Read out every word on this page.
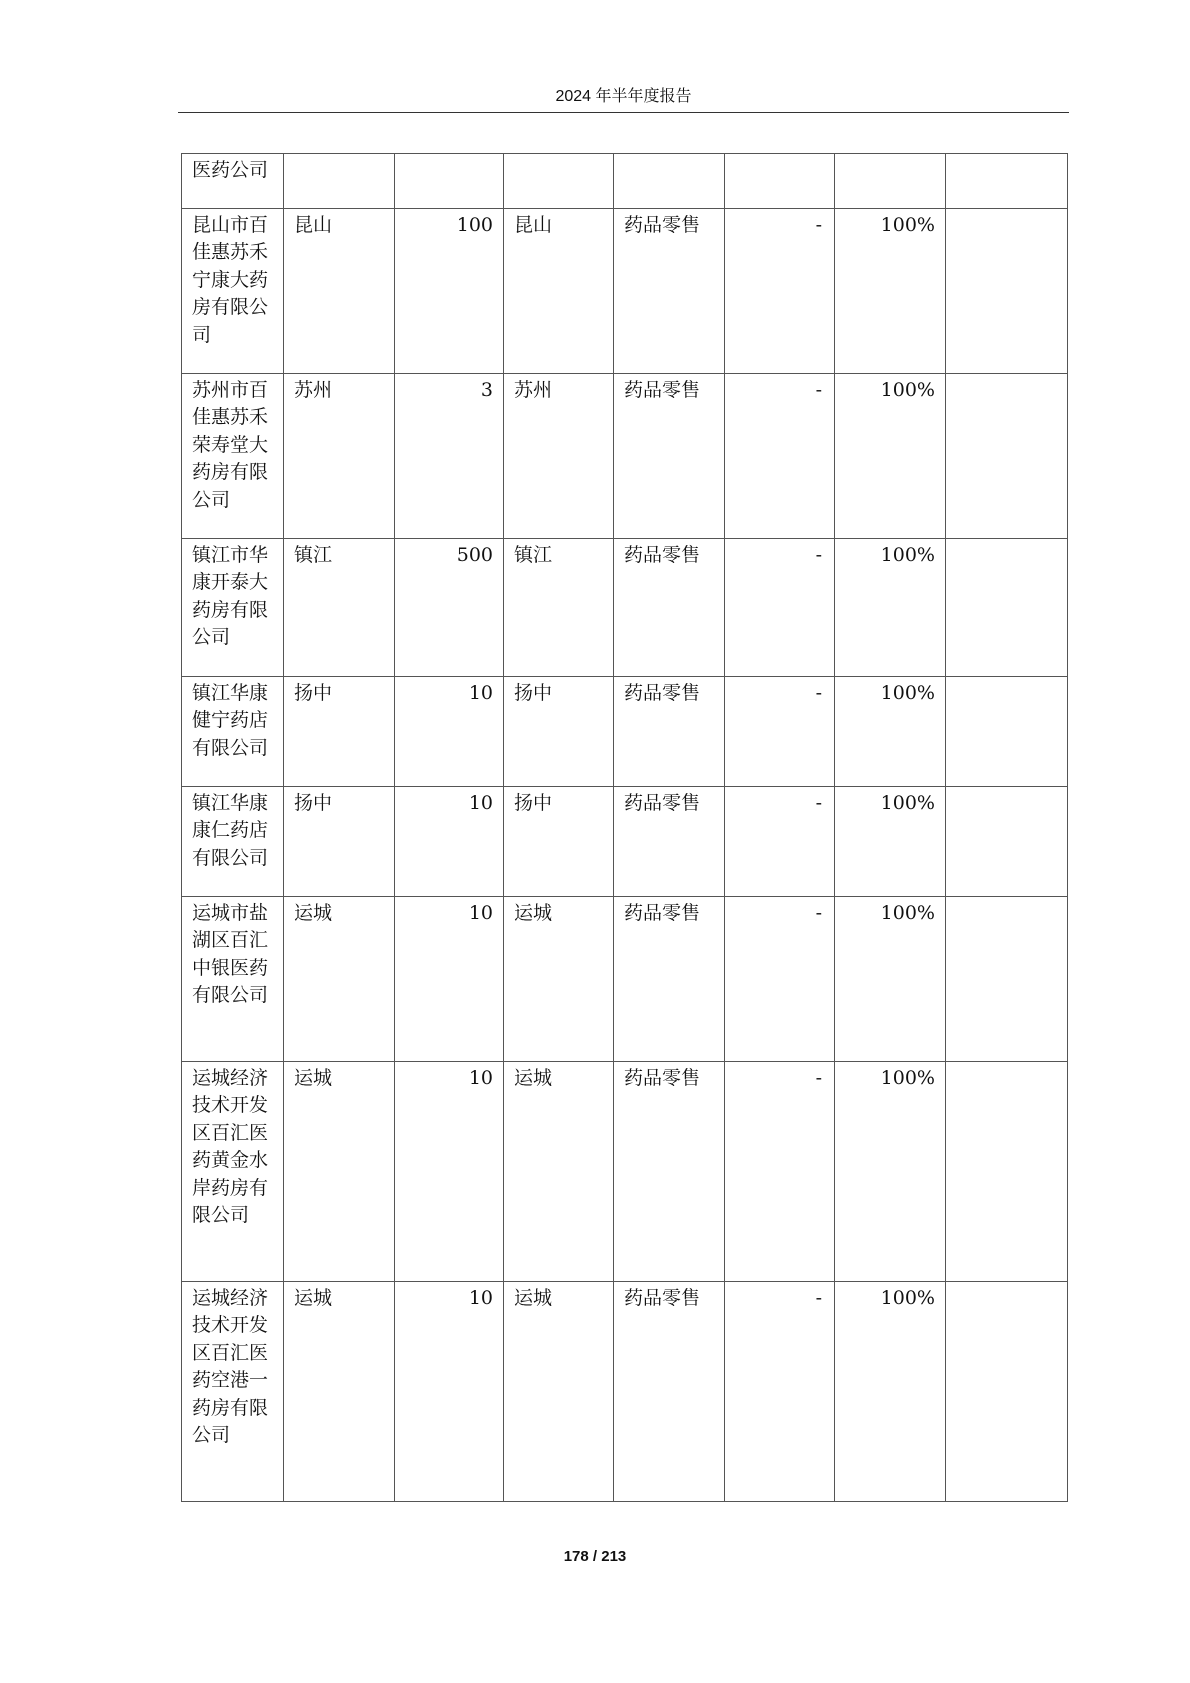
2024 年半年度报告
医药公司							
昆山市百佳惠苏禾宁康大药房有限公司	昆山	100	昆山	药品零售	-	100%	
苏州市百佳惠苏禾荣寿堂大药房有限公司	苏州	3	苏州	药品零售	-	100%	
镇江市华康开泰大药房有限公司	镇江	500	镇江	药品零售	-	100%	
镇江华康健宁药店有限公司	扬中	10	扬中	药品零售	-	100%	
镇江华康康仁药店有限公司	扬中	10	扬中	药品零售	-	100%	
运城市盐湖区百汇中银医药有限公司	运城	10	运城	药品零售	-	100%	
运城经济技术开发区百汇医药黄金水岸药房有限公司	运城	10	运城	药品零售	-	100%	
运城经济技术开发区百汇医药空港一药房有限公司	运城	10	运城	药品零售	-	100%	
178 / 213
